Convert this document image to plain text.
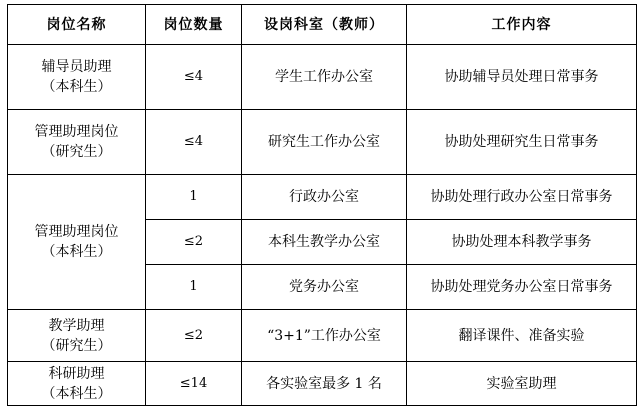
岗位名称	岗位数量	设岗科室（教师）	工作内容

辅导员助理
（本科生）	≤4	学生工作办公室	协助辅导员处理日常事务

管理助理岗位
（研究生）	≤4	研究生工作办公室	协助处理研究生日常事务

管理助理岗位
（本科生）	1	行政办公室	协助处理行政办公室日常事务
	≤2	本科生教学办公室	协助处理本科教学事务
	1	党务办公室	协助处理党务办公室日常事务

教学助理
（研究生）	≤2	“3+1”工作办公室	翻译课件、准备实验

科研助理
（本科生）	≤14	各实验室最多 1 名	实验室助理
